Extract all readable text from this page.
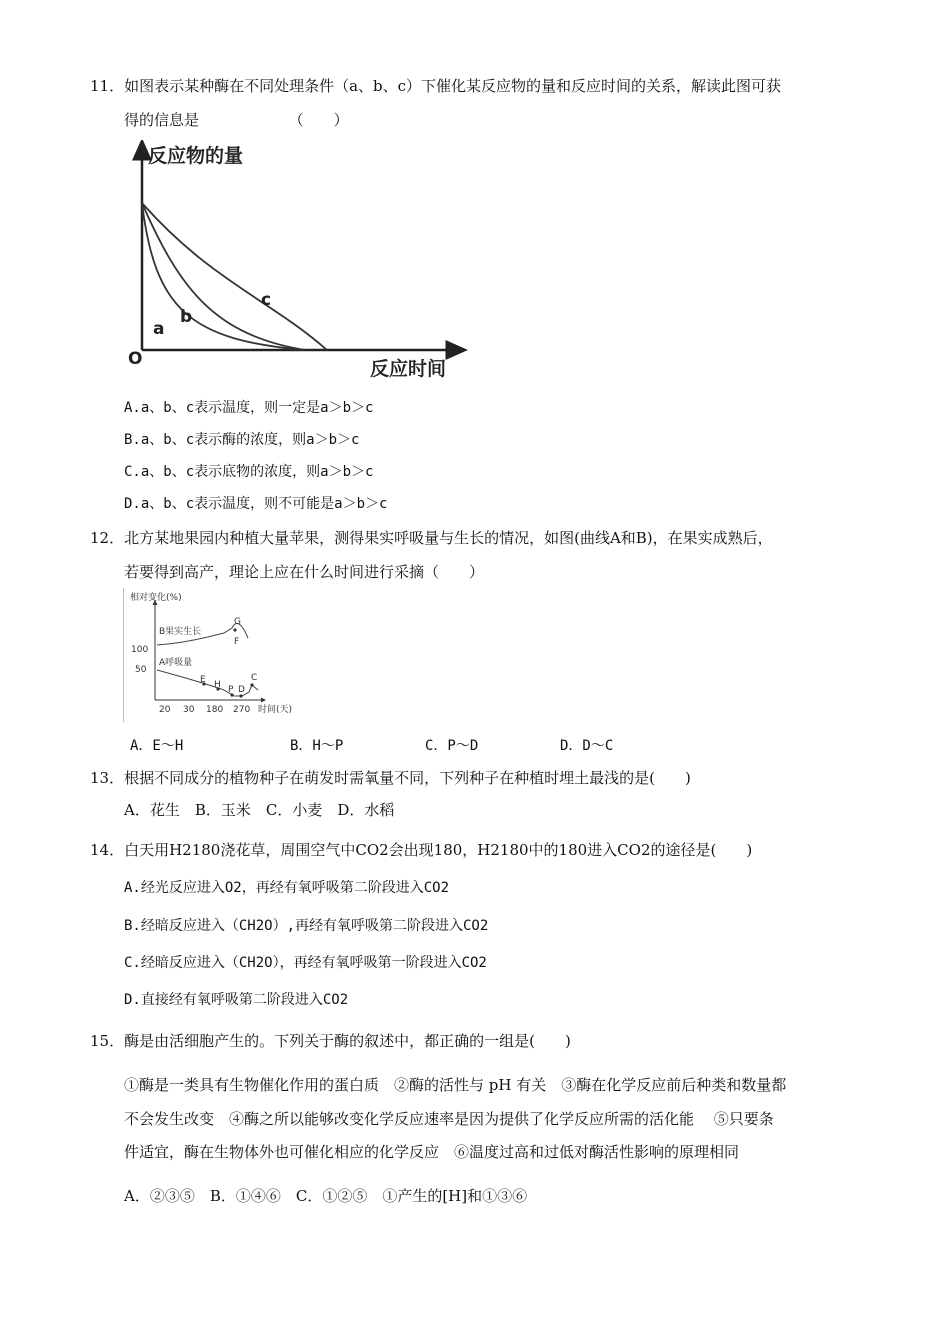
11．如图表示某种酶在不同处理条件（a、b、c）下催化某反应物的量和反应时间的关系，解读此图可获
得的信息是	（　　）
反应物的量
反应时间
O
a
b
c
A.a、b、c表示温度，则一定是a＞b＞c
B.a、b、c表示酶的浓度，则a＞b＞c
C.a、b、c表示底物的浓度，则a＞b＞c
D.a、b、c表示温度，则不可能是a＞b＞c
12．北方某地果园内种植大量苹果，测得果实呼吸量与生长的情况，如图(曲线A和B)，在果实成熟后，
若要得到高产，理论上应在什么时间进行采摘（　　）
相对变化(%)
100
50
B果实生长
A呼吸量
G
F
E H P D
C
20 30 180 270 时间(天)
A．E～H	B．H～P	C．P～D	D．D～C
13．根据不同成分的植物种子在萌发时需氧量不同，下列种子在种植时埋土最浅的是(　　)
A．花生　B．玉米　C．小麦　D．水稻
14．白天用H2180浇花草，周围空气中CO2会出现180，H2180中的180进入CO2的途径是(　　)
A.经光反应进入O2，再经有氧呼吸第二阶段进入CO2
B.经暗反应进入（CH2O）,再经有氧呼吸第二阶段进入CO2
C.经暗反应进入（CH2O），再经有氧呼吸第一阶段进入CO2
D.直接经有氧呼吸第二阶段进入CO2
15．酶是由活细胞产生的。下列关于酶的叙述中，都正确的一组是(　　)
①酶是一类具有生物催化作用的蛋白质　②酶的活性与 pH 有关　③酶在化学反应前后种类和数量都
不会发生改变　④酶之所以能够改变化学反应速率是因为提供了化学反应所需的活化能　 ⑤只要条
件适宜，酶在生物体外也可催化相应的化学反应　⑥温度过高和过低对酶活性影响的原理相同
A．②③⑤　B．①④⑥　C．①②⑤　①产生的[H]和①③⑥
